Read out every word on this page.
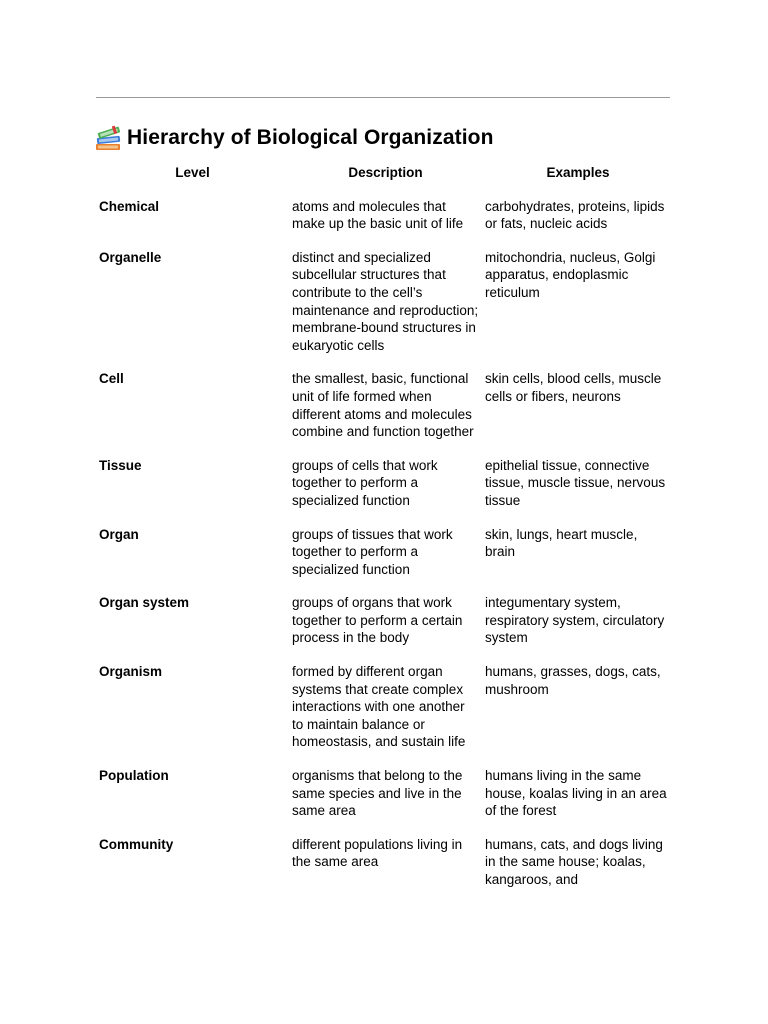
Hierarchy of Biological Organization
Level	Description	Examples
Chemical	atoms and molecules that make up the basic unit of life	carbohydrates, proteins, lipids or fats, nucleic acids
Organelle	distinct and specialized subcellular structures that contribute to the cell’s maintenance and reproduction; membrane-bound structures in eukaryotic cells	mitochondria, nucleus, Golgi apparatus, endoplasmic reticulum
Cell	the smallest, basic, functional unit of life formed when different atoms and molecules combine and function together	skin cells, blood cells, muscle cells or fibers, neurons
Tissue	groups of cells that work together to perform a specialized function	epithelial tissue, connective tissue, muscle tissue, nervous tissue
Organ	groups of tissues that work together to perform a specialized function	skin, lungs, heart muscle, brain
Organ system	groups of organs that work together to perform a certain process in the body	integumentary system, respiratory system, circulatory system
Organism	formed by different organ systems that create complex interactions with one another to maintain balance or homeostasis, and sustain life	humans, grasses, dogs, cats, mushroom
Population	organisms that belong to the same species and live in the same area	humans living in the same house, koalas living in an area of the forest
Community	different populations living in the same area	humans, cats, and dogs living in the same house; koalas, kangaroos, and
